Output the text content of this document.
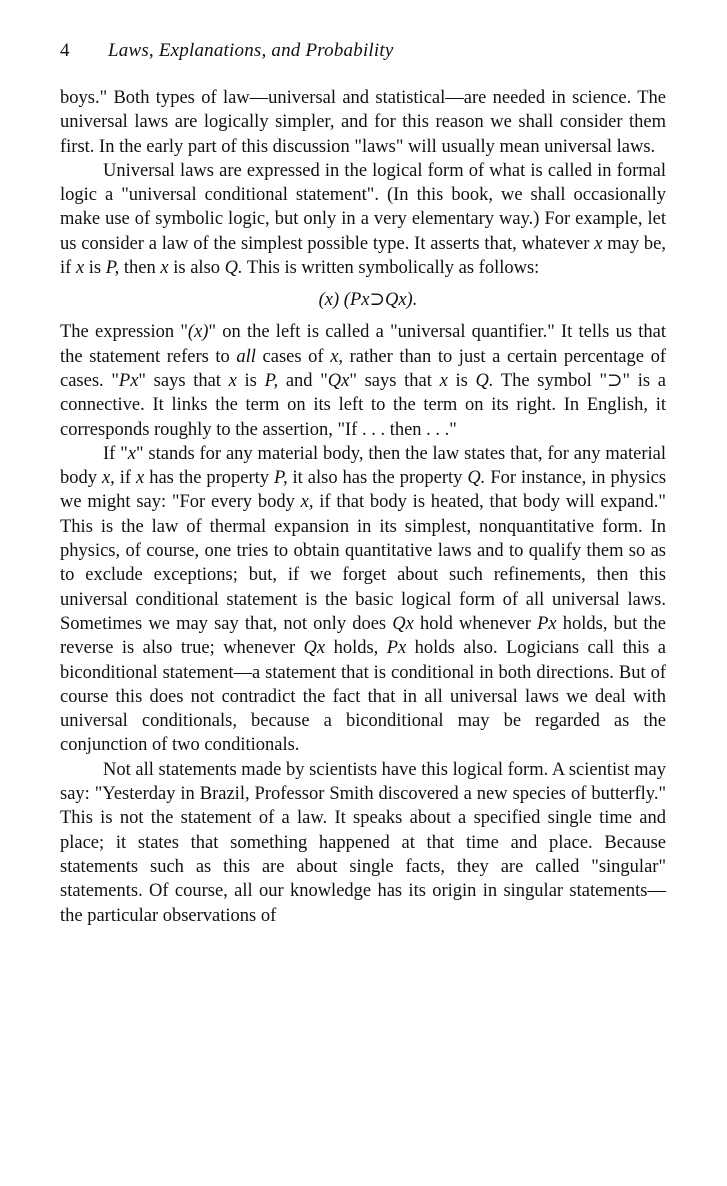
4 Laws, Explanations, and Probability

boys." Both types of law—universal and statistical—are needed in science. The universal laws are logically simpler, and for this reason we shall consider them first. In the early part of this discussion "laws" will usually mean universal laws.

Universal laws are expressed in the logical form of what is called in formal logic a "universal conditional statement". (In this book, we shall occasionally make use of symbolic logic, but only in a very elementary way.) For example, let us consider a law of the simplest possible type. It asserts that, whatever x may be, if x is P, then x is also Q. This is written symbolically as follows:

(x) (Px⊃Qx).

The expression "(x)" on the left is called a "universal quantifier." It tells us that the statement refers to all cases of x, rather than to just a certain percentage of cases. "Px" says that x is P, and "Qx" says that x is Q. The symbol "⊃" is a connective. It links the term on its left to the term on its right. In English, it corresponds roughly to the assertion, "If . . . then . . ."

If "x" stands for any material body, then the law states that, for any material body x, if x has the property P, it also has the property Q. For instance, in physics we might say: "For every body x, if that body is heated, that body will expand." This is the law of thermal expansion in its simplest, nonquantitative form. In physics, of course, one tries to obtain quantitative laws and to qualify them so as to exclude exceptions; but, if we forget about such refinements, then this universal conditional statement is the basic logical form of all universal laws. Sometimes we may say that, not only does Qx hold whenever Px holds, but the reverse is also true; whenever Qx holds, Px holds also. Logicians call this a biconditional statement—a statement that is conditional in both directions. But of course this does not contradict the fact that in all universal laws we deal with universal conditionals, because a biconditional may be regarded as the conjunction of two conditionals.

Not all statements made by scientists have this logical form. A scientist may say: "Yesterday in Brazil, Professor Smith discovered a new species of butterfly." This is not the statement of a law. It speaks about a specified single time and place; it states that something happened at that time and place. Because statements such as this are about single facts, they are called "singular" statements. Of course, all our knowledge has its origin in singular statements—the particular observations of
